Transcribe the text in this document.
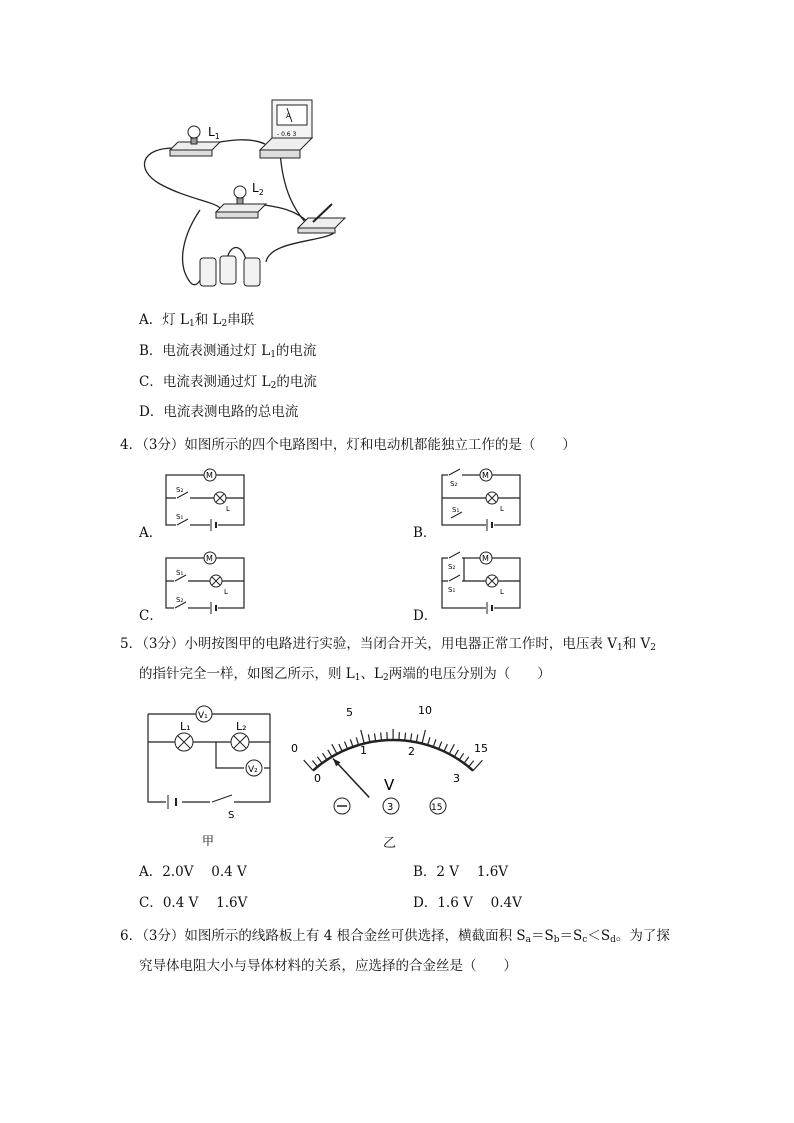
$L_1$
$L_2$
A
- 0.6 3
A．灯 $L_1$和 $L_2$串联
B．电流表测通过灯 $L_1$的电流
C．电流表测通过灯 $L_2$的电流
D．电流表测电路的总电流
4．（3分）如图所示的四个电路图中，灯和电动机都能独立工作的是（　　）
A．
M
L
S₂
S₁
B．
S₂
M
L
S₁
C．
M
S₁
L
S₂
D．
S₂
M
S₁	L
5．（3分）小明按图甲的电路进行实验，当闭合开关，用电器正常工作时，电压表 $V_1$和 $V_2$
的指针完全一样，如图乙所示，则 $L_1$、$L_2$两端的电压分别为（　　）
V₁
V₂
L₁	L₂
S
甲
0
5	10
15
0
1	2
3
V
3	15
乙
A．2.0V　 0.4 V	B．2 V　 1.6V
C．0.4 V　 1.6V	D．1.6 V　 0.4V
6．（3分）如图所示的线路板上有 4 根合金丝可供选择，横截面积 $S_a=S_b=S_c<S_d$。为了探
究导体电阻大小与导体材料的关系，应选择的合金丝是（　　）
